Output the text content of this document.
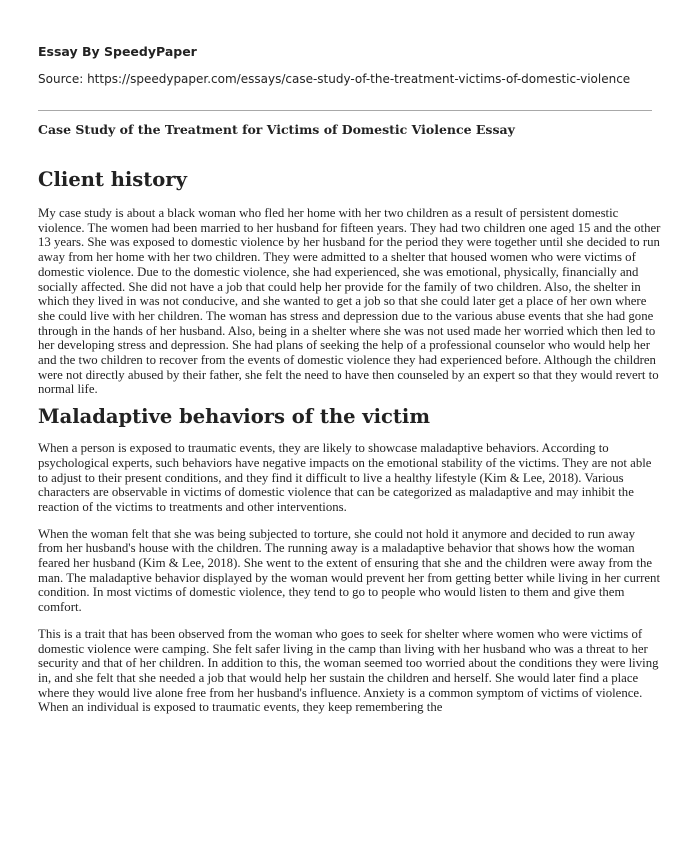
Essay By SpeedyPaper
Source: https://speedypaper.com/essays/case-study-of-the-treatment-victims-of-domestic-violence
Case Study of the Treatment for Victims of Domestic Violence Essay
Client history

My case study is about a black woman who fled her home with her two children as a result of persistent domestic violence. The women had been married to her husband for fifteen years. They had two children one aged 15 and the other 13 years. She was exposed to domestic violence by her husband for the period they were together until she decided to run away from her home with her two children. They were admitted to a shelter that housed women who were victims of domestic violence. Due to the domestic violence, she had experienced, she was emotional, physically, financially and socially affected. She did not have a job that could help her provide for the family of two children. Also, the shelter in which they lived in was not conducive, and she wanted to get a job so that she could later get a place of her own where she could live with her children. The woman has stress and depression due to the various abuse events that she had gone through in the hands of her husband. Also, being in a shelter where she was not used made her worried which then led to her developing stress and depression. She had plans of seeking the help of a professional counselor who would help her and the two children to recover from the events of domestic violence they had experienced before. Although the children were not directly abused by their father, she felt the need to have then counseled by an expert so that they would revert to normal life.

Maladaptive behaviors of the victim

When a person is exposed to traumatic events, they are likely to showcase maladaptive behaviors. According to psychological experts, such behaviors have negative impacts on the emotional stability of the victims. They are not able to adjust to their present conditions, and they find it difficult to live a healthy lifestyle (Kim & Lee, 2018). Various characters are observable in victims of domestic violence that can be categorized as maladaptive and may inhibit the reaction of the victims to treatments and other interventions.

When the woman felt that she was being subjected to torture, she could not hold it anymore and decided to run away from her husband's house with the children. The running away is a maladaptive behavior that shows how the woman feared her husband (Kim & Lee, 2018). She went to the extent of ensuring that she and the children were away from the man. The maladaptive behavior displayed by the woman would prevent her from getting better while living in her current condition. In most victims of domestic violence, they tend to go to people who would listen to them and give them comfort.

This is a trait that has been observed from the woman who goes to seek for shelter where women who were victims of domestic violence were camping. She felt safer living in the camp than living with her husband who was a threat to her security and that of her children. In addition to this, the woman seemed too worried about the conditions they were living in, and she felt that she needed a job that would help her sustain the children and herself. She would later find a place where they would live alone free from her husband's influence. Anxiety is a common symptom of victims of violence. When an individual is exposed to traumatic events, they keep remembering the
